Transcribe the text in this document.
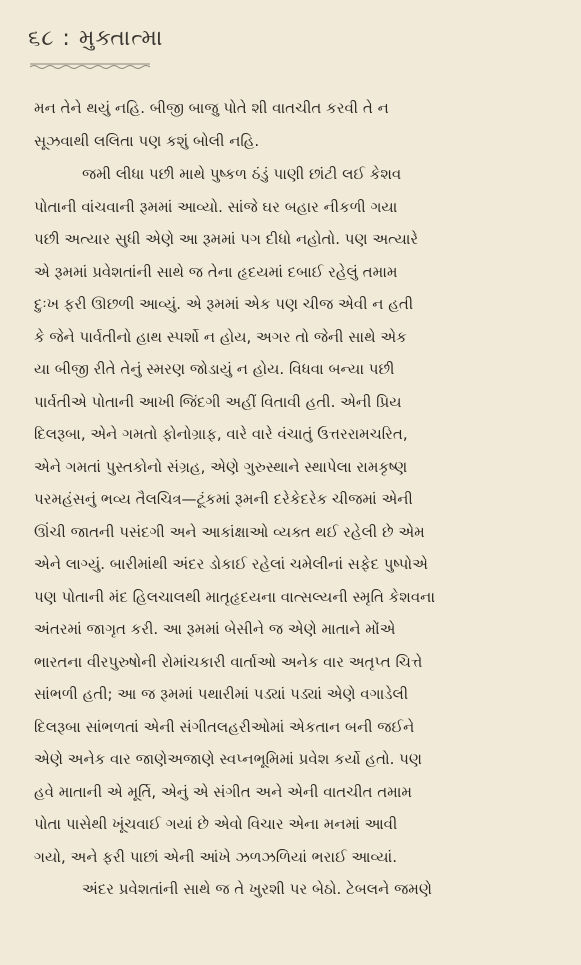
૬૮ : મુક્તાત્મા
મન તેને થયું નહિ. બીજી બાજુ પોતે શી વાતચીત કરવી તે ન
સૂઝવાથી લલિતા પણ કશું બોલી નહિ.
જમી લીધા પછી માથે પુષ્કળ ઠંડું પાણી છાંટી લઈ કેશવ
પોતાની વાંચવાની રૂમમાં આવ્યો. સાંજે ઘર બહાર નીકળી ગયા
પછી અત્યાર સુધી એણે આ રૂમમાં પગ દીધો નહોતો. પણ અત્યારે
એ રૂમમાં પ્રવેશતાંની સાથે જ તેના હૃદયમાં દબાઈ રહેલું તમામ
દુઃખ ફરી ઊછળી આવ્યું. એ રૂમમાં એક પણ ચીજ એવી ન હતી
કે જેને પાર્વતીનો હાથ સ્પર્શો ન હોય, અગર તો જેની સાથે એક
યા બીજી રીતે તેનું સ્મરણ જોડાયું ન હોય. વિધવા બન્યા પછી
પાર્વતીએ પોતાની આખી જિંદગી અહીં વિતાવી હતી. એની પ્રિય
દિલરૂબા, એને ગમતો ફોનોગ્રાફ, વારે વારે વંચાતું ઉત્તરરામચરિત,
એને ગમતાં પુસ્તકોનો સંગ્રહ, એણે ગુરુસ્થાને સ્થાપેલા રામકૃષ્ણ
પરમહંસનું ભવ્ય તૈલચિત્ર—ટૂંકમાં રૂમની દરેકેદરેક ચીજમાં એની
ઊંચી જાતની પસંદગી અને આકાંક્ષાઓ વ્યક્ત થઈ રહેલી છે એમ
એને લાગ્યું. બારીમાંથી અંદર ડોકાઈ રહેલાં ચમેલીનાં સફેદ પુષ્પોએ
પણ પોતાની મંદ હિલચાલથી માતૃહૃદયના વાત્સલ્યની સ્મૃતિ કેશવના
અંતરમાં જાગૃત કરી. આ રૂમમાં બેસીને જ એણે માતાને મોંએ
ભારતના વીરપુરુષોની રોમાંચકારી વાર્તાઓ અનેક વાર અતૃપ્ત ચિત્તે
સાંભળી હતી; આ જ રૂમમાં પથારીમાં પડ્યાં પડ્યાં એણે વગાડેલી
દિલરૂબા સાંભળતાં એની સંગીતલહરીઓમાં એકતાન બની જઈને
એણે અનેક વાર જાણેઅજાણે સ્વપ્નભૂમિમાં પ્રવેશ કર્યો હતો. પણ
હવે માતાની એ મૂર્તિ, એનું એ સંગીત અને એની વાતચીત તમામ
પોતા પાસેથી ખૂંચવાઈ ગયાં છે એવો વિચાર એના મનમાં આવી
ગયો, અને ફરી પાછાં એની આંખે ઝળઝળિયાં ભરાઈ આવ્યાં.
અંદર પ્રવેશતાંની સાથે જ તે ખુરશી પર બેઠો. ટેબલને જમણે
